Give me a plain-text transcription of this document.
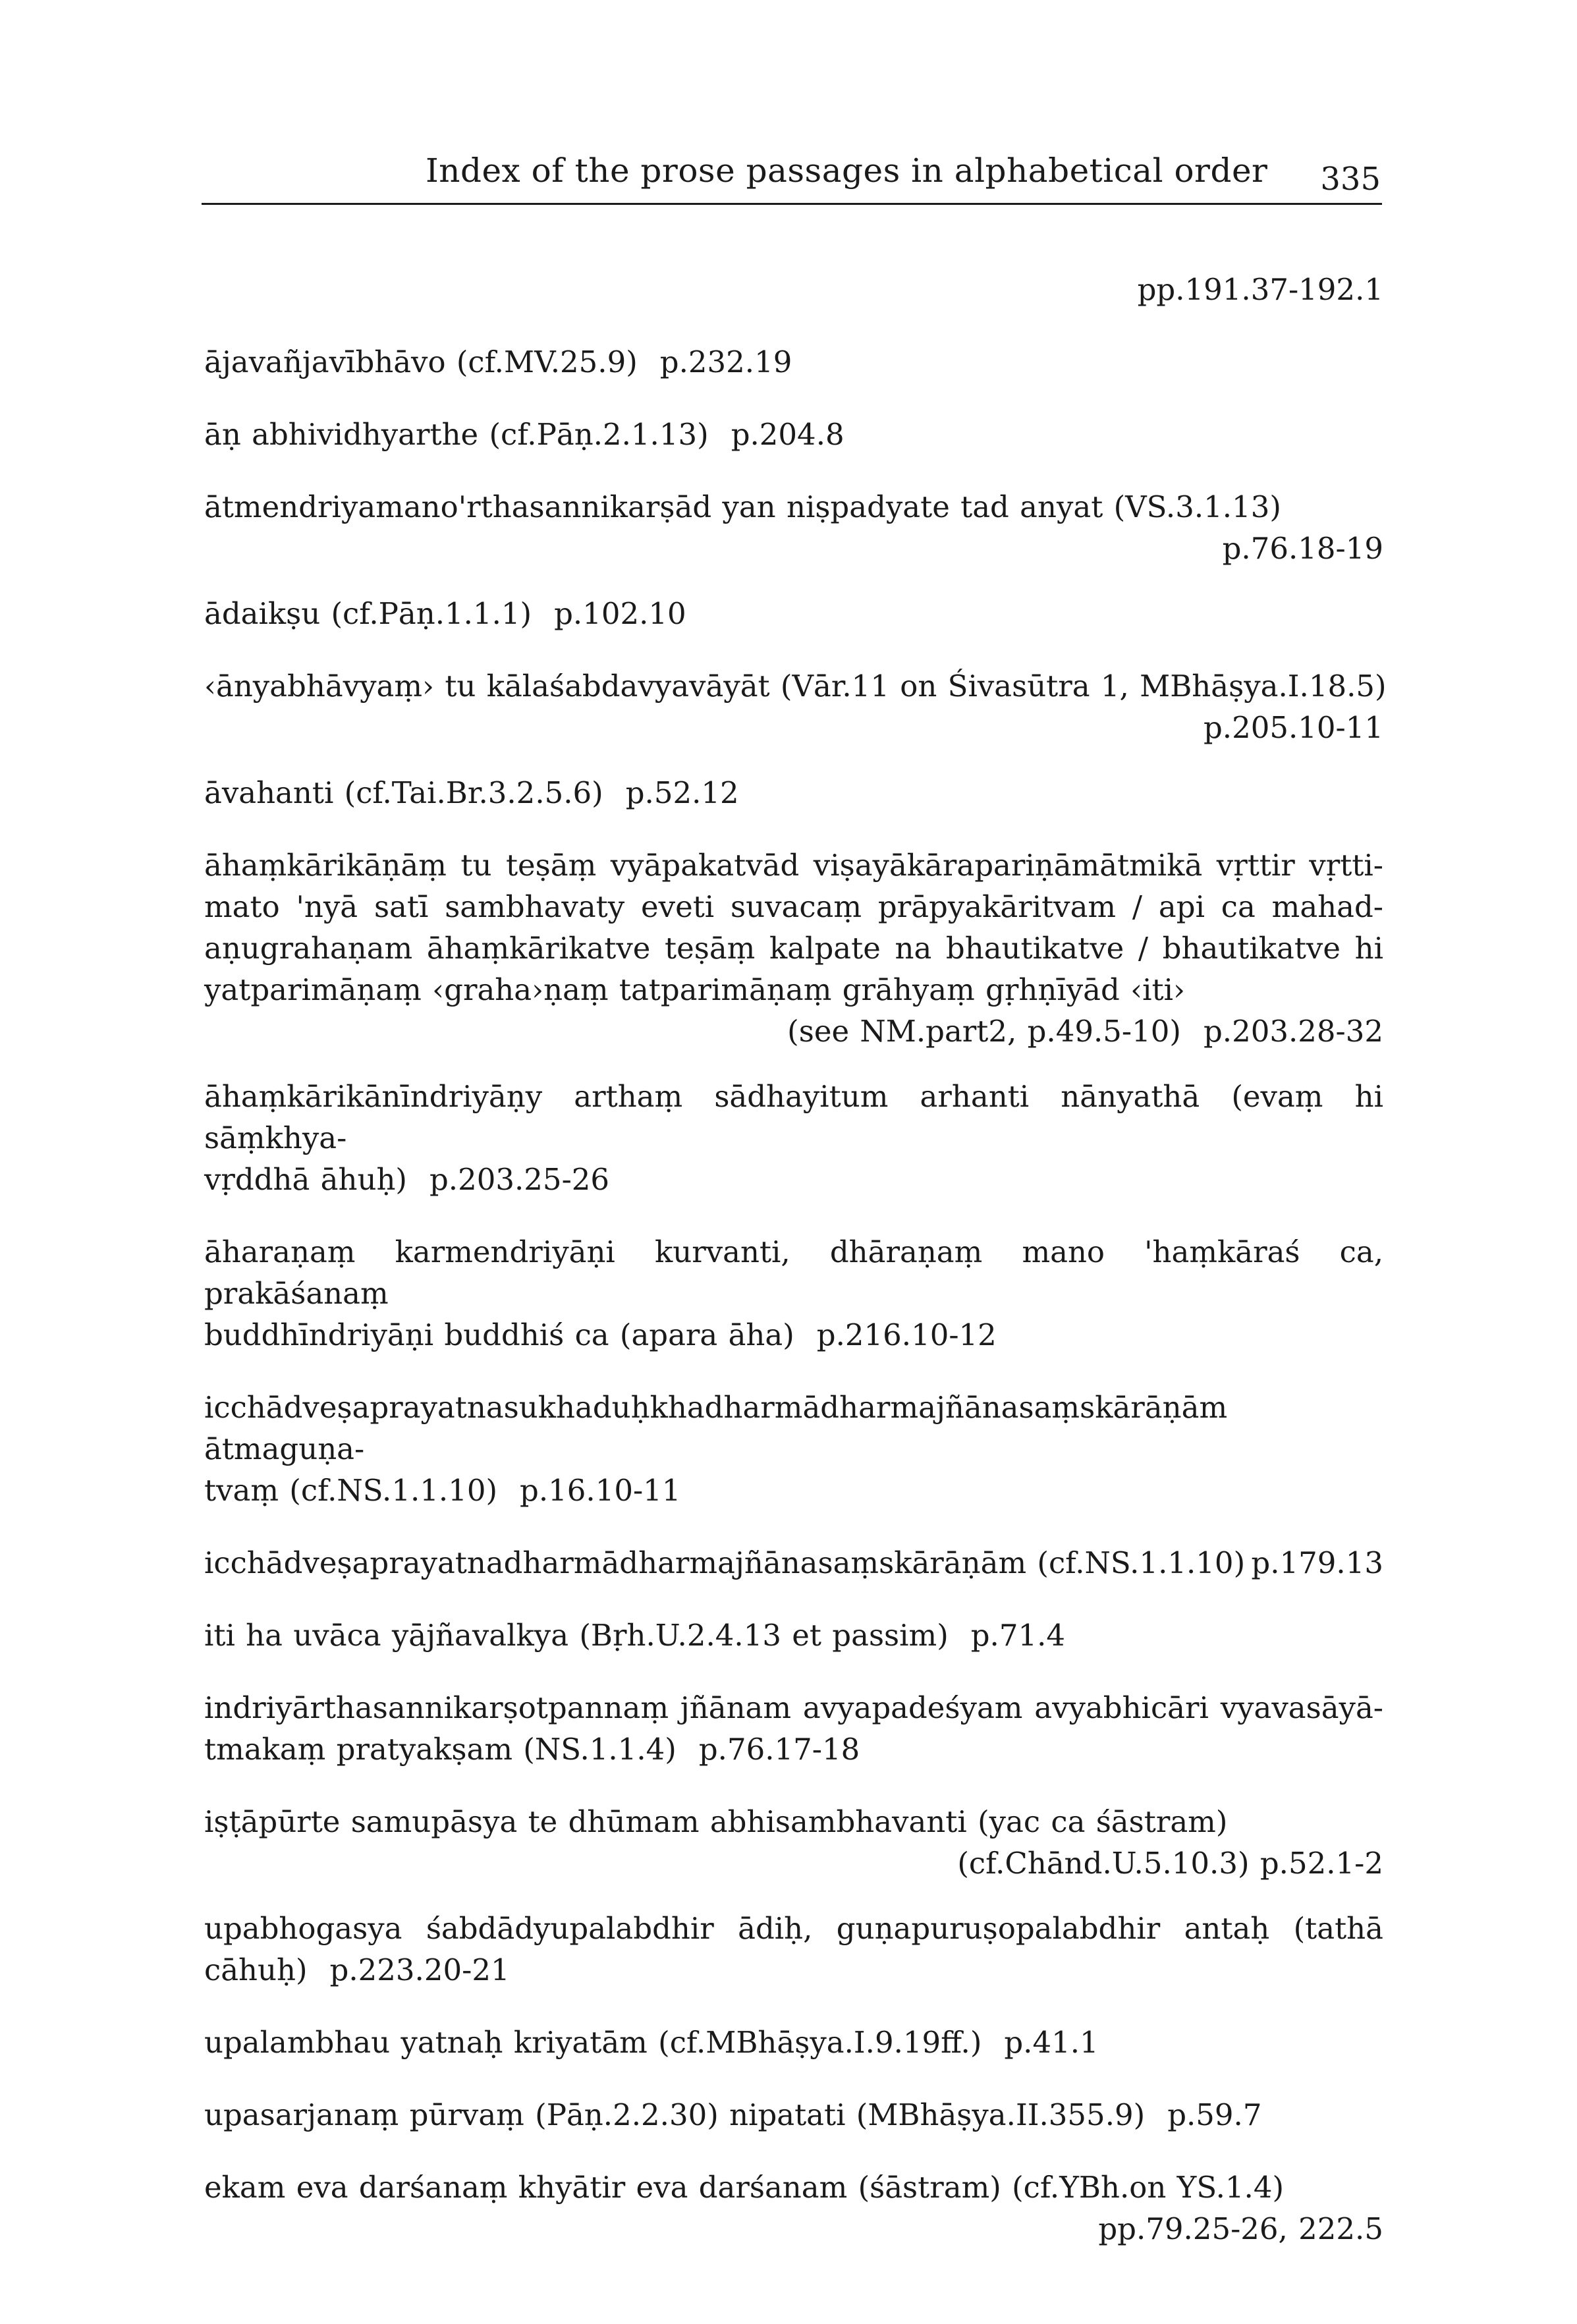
Index of the prose passages in alphabetical order 335
pp.191.37-192.1
ājavañjavībhāvo (cf.MV.25.9) p.232.19
āṇ abhividhyarthe (cf.Pāṇ.2.1.13) p.204.8
ātmendriyamano'rthasannikarṣād yan niṣpadyate tad anyat (VS.3.1.13)
p.76.18-19
ādaikṣu (cf.Pāṇ.1.1.1) p.102.10
‹ānyabhāvyaṃ› tu kālaśabdavyavāyāt (Vār.11 on Śivasūtra 1, MBhāṣya.I.18.5)
p.205.10-11
āvahanti (cf.Tai.Br.3.2.5.6) p.52.12
āhaṃkārikāṇāṃ tu teṣāṃ vyāpakatvād viṣayākārapariṇāmātmikā vṛttir vṛtti-
mato 'nyā satī sambhavaty eveti suvacaṃ prāpyakāritvam / api ca mahad-
aṇugrahaṇam āhaṃkārikatve teṣāṃ kalpate na bhautikatve / bhautikatve hi
yatparimāṇaṃ ‹graha›ṇaṃ tatparimāṇaṃ grāhyaṃ gṛhṇīyād ‹iti›
(see NM.part2, p.49.5-10) p.203.28-32
āhaṃkārikānīndriyāṇy arthaṃ sādhayitum arhanti nānyathā (evaṃ hi sāṃkhya-
vṛddhā āhuḥ) p.203.25-26
āharaṇaṃ karmendriyāṇi kurvanti, dhāraṇaṃ mano 'haṃkāraś ca, prakāśanaṃ
buddhīndriyāṇi buddhiś ca (apara āha) p.216.10-12
icchādveṣaprayatnasukhaduḥkhadharmādharmajñānasaṃskārāṇām ātmaguṇa-
tvaṃ (cf.NS.1.1.10) p.16.10-11
icchādveṣaprayatnadharmādharmajñānasaṃskārāṇām (cf.NS.1.1.10) p.179.13
iti ha uvāca yājñavalkya (Bṛh.U.2.4.13 et passim) p.71.4
indriyārthasannikarṣotpannaṃ jñānam avyapadeśyam avyabhicāri vyavasāyā-
tmakaṃ pratyakṣam (NS.1.1.4) p.76.17-18
iṣṭāpūrte samupāsya te dhūmam abhisambhavanti (yac ca śāstram)
(cf.Chānd.U.5.10.3) p.52.1-2
upabhogasya śabdādyupalabdhir ādiḥ, guṇapuruṣopalabdhir antaḥ (tathā
cāhuḥ) p.223.20-21
upalambhau yatnaḥ kriyatām (cf.MBhāṣya.I.9.19ff.) p.41.1
upasarjanaṃ pūrvaṃ (Pāṇ.2.2.30) nipatati (MBhāṣya.II.355.9) p.59.7
ekam eva darśanaṃ khyātir eva darśanam (śāstram) (cf.YBh.on YS.1.4)
pp.79.25-26, 222.5
